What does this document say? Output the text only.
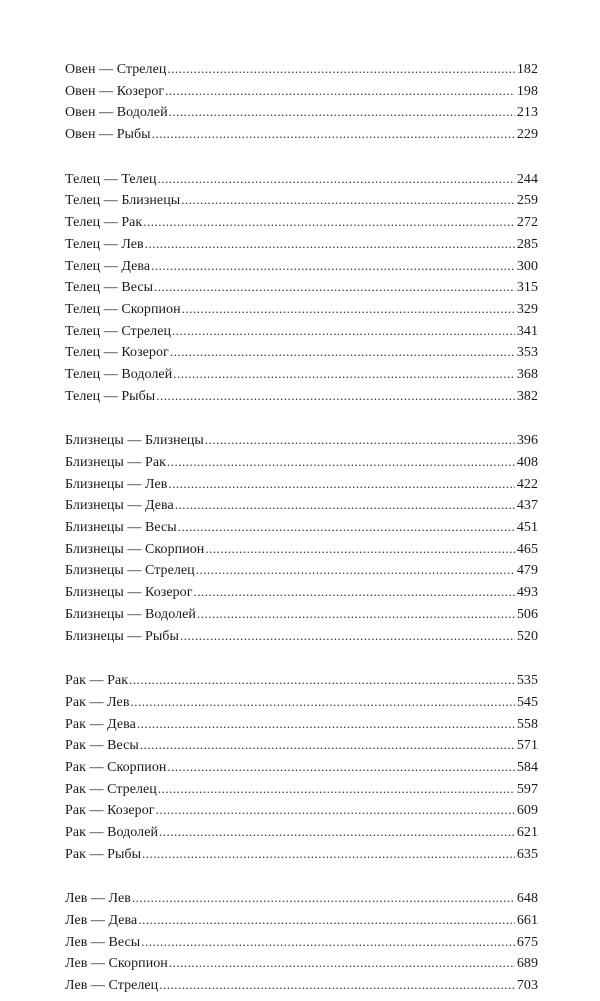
Овен — Стрелец .....	182
Овен — Козерог .....	198
Овен — Водолей .....	213
Овен — Рыбы .....	229
Телец — Телец .....	244
Телец — Близнецы .....	259
Телец — Рак .....	272
Телец — Лев .....	285
Телец — Дева .....	300
Телец — Весы .....	315
Телец — Скорпион .....	329
Телец — Стрелец .....	341
Телец — Козерог .....	353
Телец — Водолей .....	368
Телец — Рыбы .....	382
Близнецы — Близнецы .....	396
Близнецы — Рак .....	408
Близнецы — Лев .....	422
Близнецы — Дева .....	437
Близнецы — Весы .....	451
Близнецы — Скорпион .....	465
Близнецы — Стрелец .....	479
Близнецы — Козерог .....	493
Близнецы — Водолей .....	506
Близнецы — Рыбы .....	520
Рак — Рак .....	535
Рак — Лев .....	545
Рак — Дева .....	558
Рак — Весы .....	571
Рак — Скорпион .....	584
Рак — Стрелец .....	597
Рак — Козерог .....	609
Рак — Водолей .....	621
Рак — Рыбы .....	635
Лев — Лев .....	648
Лев — Дева .....	661
Лев — Весы .....	675
Лев — Скорпион .....	689
Лев — Стрелец .....	703
